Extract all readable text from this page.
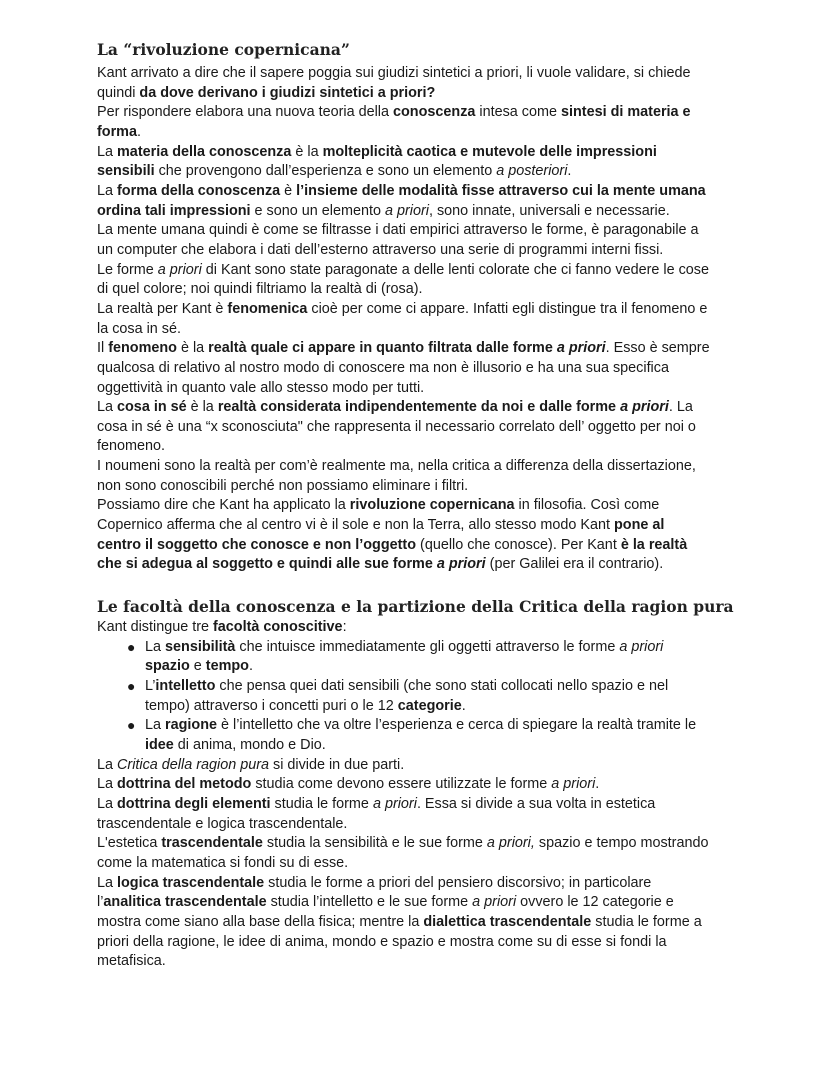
La “rivoluzione copernicana”
Kant arrivato a dire che il sapere poggia sui giudizi sintetici a priori, li vuole validare, si chiede
quindi da dove derivano i giudizi sintetici a priori?
Per rispondere elabora una nuova teoria della conoscenza intesa come sintesi di materia e
forma.
La materia della conoscenza è la molteplicità caotica e mutevole delle impressioni
sensibili che provengono dall’esperienza e sono un elemento a posteriori.
La forma della conoscenza è l’insieme delle modalità fisse attraverso cui la mente umana
ordina tali impressioni e sono un elemento a priori, sono innate, universali e necessarie.
La mente umana quindi è come se filtrasse i dati empirici attraverso le forme, è paragonabile a
un computer che elabora i dati dell’esterno attraverso una serie di programmi interni fissi.
Le forme a priori di Kant sono state paragonate a delle lenti colorate che ci fanno vedere le cose
di quel colore; noi quindi filtriamo la realtà di (rosa).
La realtà per Kant è fenomenica cioè per come ci appare. Infatti egli distingue tra il fenomeno e
la cosa in sé.
Il fenomeno è la realtà quale ci appare in quanto filtrata dalle forme a priori. Esso è sempre
qualcosa di relativo al nostro modo di conoscere ma non è illusorio e ha una sua specifica
oggettività in quanto vale allo stesso modo per tutti.
La cosa in sé è la realtà considerata indipendentemente da noi e dalle forme a priori. La
cosa in sé è una “x sconosciuta" che rappresenta il necessario correlato dell’ oggetto per noi o
fenomeno.
I noumeni sono la realtà per com’è realmente ma, nella critica a differenza della dissertazione,
non sono conoscibili perché non possiamo eliminare i filtri.
Possiamo dire che Kant ha applicato la rivoluzione copernicana in filosofia. Così come
Copernico afferma che al centro vi è il sole e non la Terra, allo stesso modo Kant pone al
centro il soggetto che conosce e non l’oggetto (quello che conosce). Per Kant è la realtà
che si adegua al soggetto e quindi alle sue forme a priori (per Galilei era il contrario).
Le facoltà della conoscenza e la partizione della Critica della ragion pura
Kant distingue tre facoltà conoscitive:
● La sensibilità che intuisce immediatamente gli oggetti attraverso le forme a priori
spazio e tempo.
● L’intelletto che pensa quei dati sensibili (che sono stati collocati nello spazio e nel
tempo) attraverso i concetti puri o le 12 categorie.
● La ragione è l’intelletto che va oltre l’esperienza e cerca di spiegare la realtà tramite le
idee di anima, mondo e Dio.
La Critica della ragion pura si divide in due parti.
La dottrina del metodo studia come devono essere utilizzate le forme a priori.
La dottrina degli elementi studia le forme a priori. Essa si divide a sua volta in estetica
trascendentale e logica trascendentale.
L'estetica trascendentale studia la sensibilità e le sue forme a priori, spazio e tempo mostrando
come la matematica si fondi su di esse.
La logica trascendentale studia le forme a priori del pensiero discorsivo; in particolare
l’analitica trascendentale studia l’intelletto e le sue forme a priori ovvero le 12 categorie e
mostra come siano alla base della fisica; mentre la dialettica trascendentale studia le forme a
priori della ragione, le idee di anima, mondo e spazio e mostra come su di esse si fondi la
metafisica.
